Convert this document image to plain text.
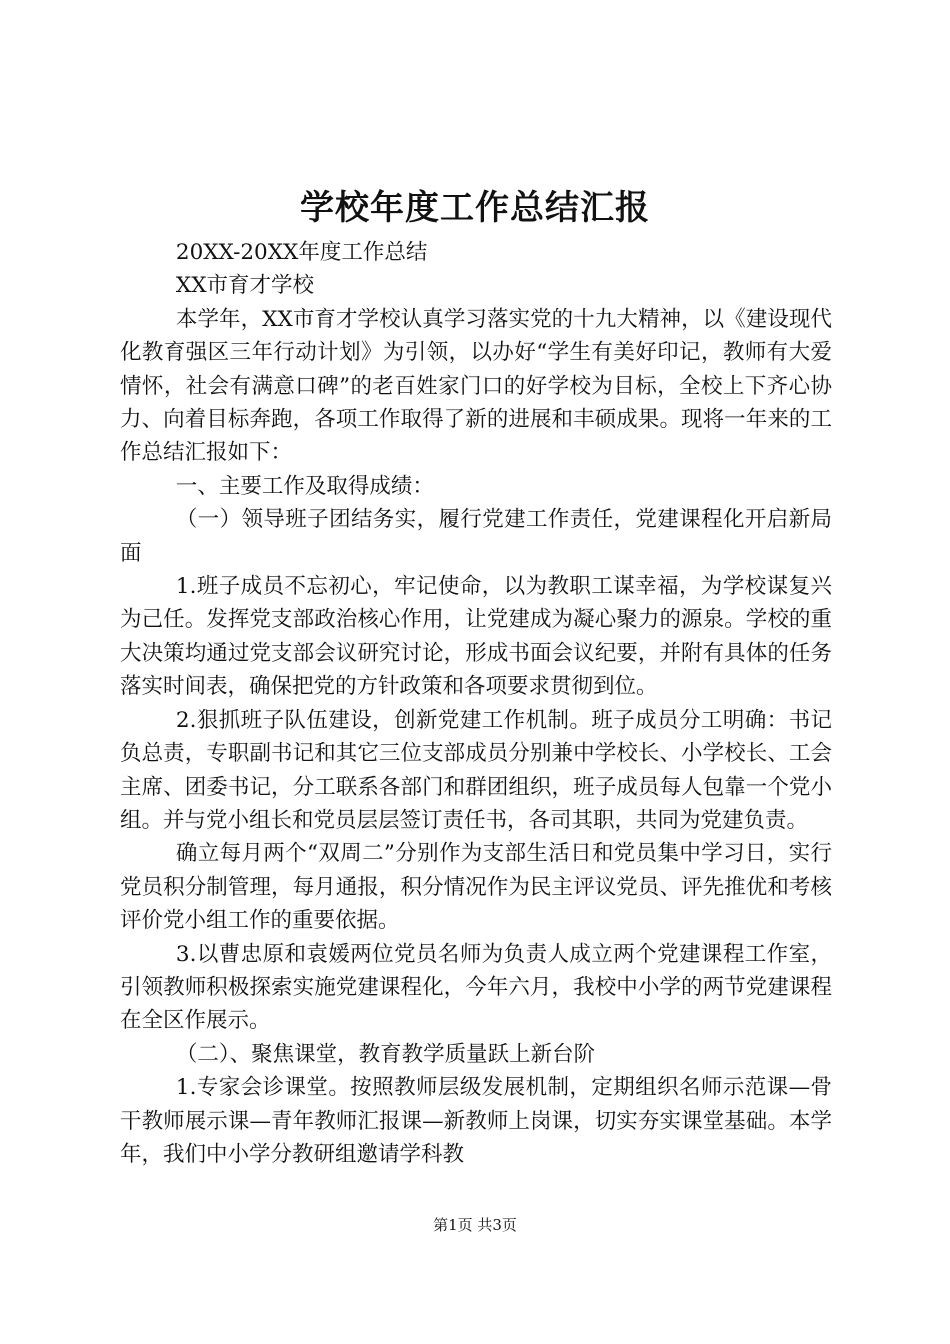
学校年度工作总结汇报

20XX-20XX年度工作总结

XX市育才学校

本学年，XX市育才学校认真学习落实党的十九大精神，以《建设现代化教育强区三年行动计划》为引领，以办好“学生有美好印记，教师有大爱情怀，社会有满意口碑”的老百姓家门口的好学校为目标，全校上下齐心协力、向着目标奔跑，各项工作取得了新的进展和丰硕成果。现将一年来的工作总结汇报如下：

一、主要工作及取得成绩：

（一）领导班子团结务实，履行党建工作责任，党建课程化开启新局面

1.班子成员不忘初心，牢记使命，以为教职工谋幸福，为学校谋复兴为己任。发挥党支部政治核心作用，让党建成为凝心聚力的源泉。学校的重大决策均通过党支部会议研究讨论，形成书面会议纪要，并附有具体的任务落实时间表，确保把党的方针政策和各项要求贯彻到位。

2.狠抓班子队伍建设，创新党建工作机制。班子成员分工明确：书记负总责，专职副书记和其它三位支部成员分别兼中学校长、小学校长、工会主席、团委书记，分工联系各部门和群团组织，班子成员每人包靠一个党小组。并与党小组长和党员层层签订责任书，各司其职，共同为党建负责。

确立每月两个“双周二”分别作为支部生活日和党员集中学习日，实行党员积分制管理，每月通报，积分情况作为民主评议党员、评先推优和考核评价党小组工作的重要依据。

3.以曹忠原和袁媛两位党员名师为负责人成立两个党建课程工作室，引领教师积极探索实施党建课程化，今年六月，我校中小学的两节党建课程在全区作展示。

（二）、聚焦课堂，教育教学质量跃上新台阶

1.专家会诊课堂。按照教师层级发展机制，定期组织名师示范课—骨干教师展示课—青年教师汇报课—新教师上岗课，切实夯实课堂基础。本学年，我们中小学分教研组邀请学科教

第1页 共3页
